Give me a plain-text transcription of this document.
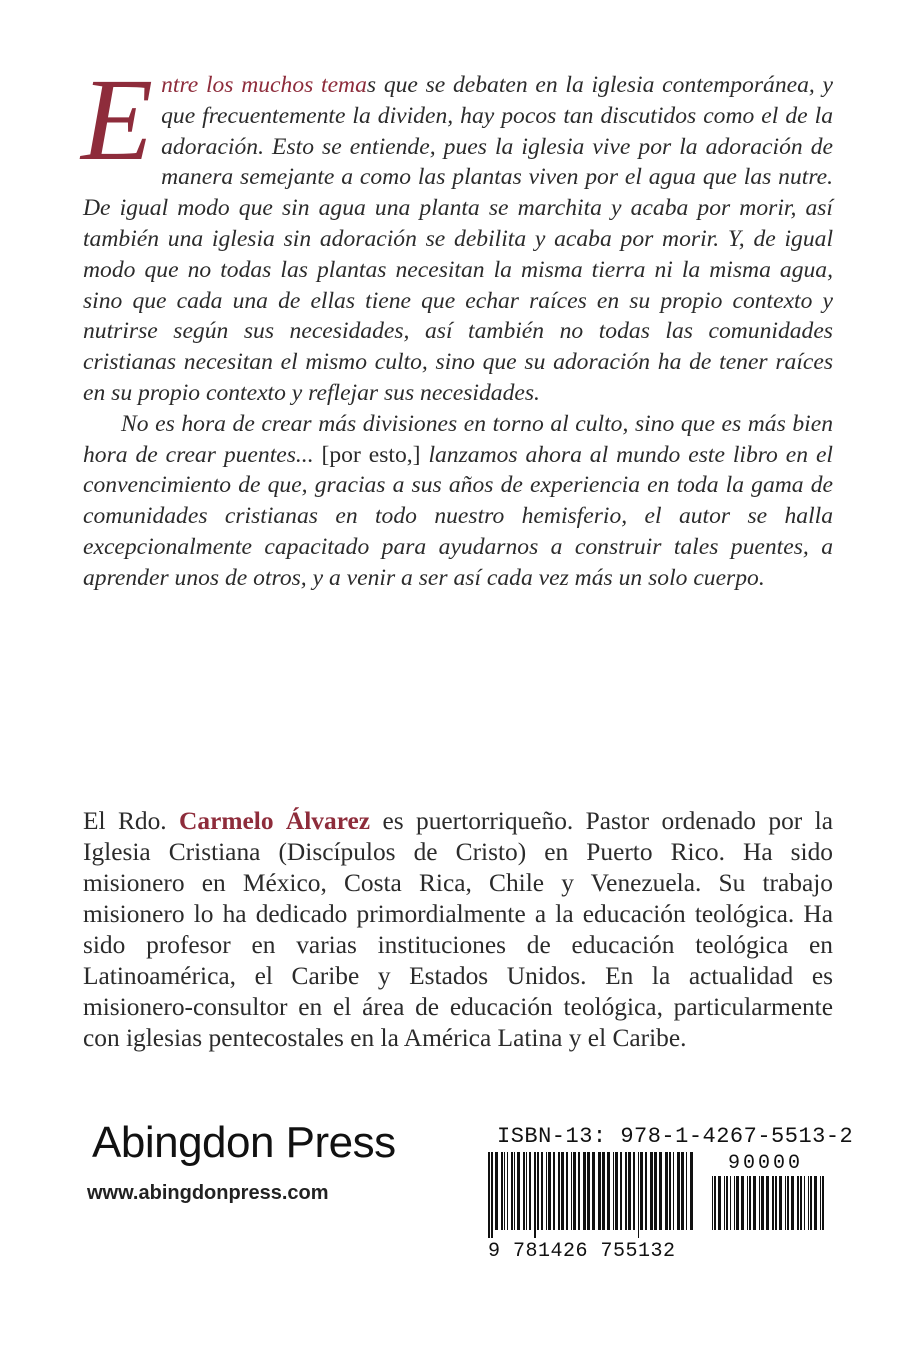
Entre los muchos temas que se debaten en la iglesia contemporánea, y que frecuentemente la dividen, hay pocos tan discutidos como el de la adoración. Esto se entiende, pues la iglesia vive por la adoración de manera semejante a como las plantas viven por el agua que las nutre. De igual modo que sin agua una planta se marchita y acaba por morir, así también una iglesia sin adoración se debilita y acaba por morir. Y, de igual modo que no todas las plantas necesitan la misma tierra ni la misma agua, sino que cada una de ellas tiene que echar raíces en su propio contexto y nutrirse según sus necesidades, así también no todas las comunidades cristianas necesitan el mismo culto, sino que su adoración ha de tener raíces en su propio contexto y reflejar sus necesidades.

No es hora de crear más divisiones en torno al culto, sino que es más bien hora de crear puentes... [por esto,] lanzamos ahora al mundo este libro en el convencimiento de que, gracias a sus años de experiencia en toda la gama de comunidades cristianas en todo nuestro hemisferio, el autor se halla excepcionalmente capacitado para ayudarnos a construir tales puentes, a aprender unos de otros, y a venir a ser así cada vez más un solo cuerpo.

El Rdo. Carmelo Álvarez es puertorriqueño. Pastor ordenado por la Iglesia Cristiana (Discípulos de Cristo) en Puerto Rico. Ha sido misionero en México, Costa Rica, Chile y Venezuela. Su trabajo misionero lo ha dedicado primordialmente a la educación teológica. Ha sido profesor en varias instituciones de educación teológica en Latinoamérica, el Caribe y Estados Unidos. En la actualidad es misionero-consultor en el área de educación teológica, particularmente con iglesias pentecostales en la América Latina y el Caribe.

Abingdon Press

www.abingdonpress.com

ISBN-13: 978-1-4267-5513-2

90000
9 781426 755132
